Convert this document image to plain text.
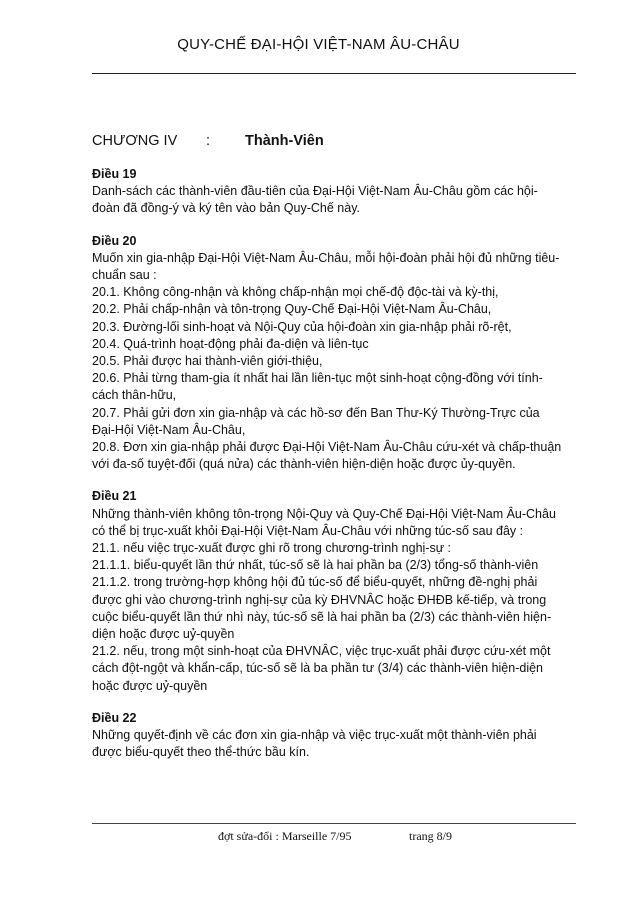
QUY-CHẾ ĐẠI-HỘI VIỆT-NAM ÂU-CHÂU
CHƯƠNG IV : Thành-Viên
Điều 19
Danh-sách các thành-viên đầu-tiên của Đại-Hội Việt-Nam Âu-Châu gồm các hội-
đoàn đã đồng-ý và ký tên vào bản Quy-Chế này.
Điều 20
Muốn xin gia-nhập Đại-Hội Việt-Nam Âu-Châu, mỗi hội-đoàn phải hội đủ những tiêu-
chuẩn sau :
20.1. Không công-nhận và không chấp-nhận mọi chế-độ độc-tài và kỳ-thị,
20.2. Phải chấp-nhận và tôn-trọng Quy-Chế Đại-Hội Việt-Nam Âu-Châu,
20.3. Đường-lối sinh-hoạt và Nội-Quy của hội-đoàn xin gia-nhập phải rõ-rệt,
20.4. Quá-trình hoạt-động phải đa-diện và liên-tục
20.5. Phải được hai thành-viên giới-thiệu,
20.6. Phải từng tham-gia ít nhất hai lần liên-tục một sinh-hoạt cộng-đồng với tính-
cách thân-hữu,
20.7. Phải gửi đơn xin gia-nhập và các hồ-sơ đến Ban Thư-Ký Thường-Trực của
Đại-Hội Việt-Nam Âu-Châu,
20.8. Đơn xin gia-nhập phải được Đại-Hội Việt-Nam Âu-Châu cứu-xét và chấp-thuận
với đa-số tuyệt-đối (quá nửa) các thành-viên hiện-diện hoặc được ủy-quyền.
Điều 21
Những thành-viên không tôn-trọng Nội-Quy và Quy-Chế Đại-Hội Việt-Nam Âu-Châu
có thể bị trục-xuất khỏi Đại-Hội Việt-Nam Âu-Châu với những túc-số sau đây :
21.1. nếu việc trục-xuất được ghi rõ trong chương-trình nghị-sự :
21.1.1. biểu-quyết lần thứ nhất, túc-số sẽ là hai phần ba (2/3) tổng-số thành-viên
21.1.2. trong trường-hợp không hội đủ túc-số để biểu-quyết, những đề-nghị phải
được ghi vào chương-trình nghị-sự của kỳ ĐHVNÂC hoặc ĐHĐB kế-tiếp, và trong
cuộc biểu-quyết lần thứ nhì này, túc-số sẽ là hai phần ba (2/3) các thành-viên hiện-
diện hoặc được uỷ-quyền
21.2. nếu, trong một sinh-hoạt của ĐHVNÂC, việc trục-xuất phải được cứu-xét một
cách đột-ngột và khẩn-cấp, túc-số sẽ là ba phần tư (3/4) các thành-viên hiện-diện
hoặc được uỷ-quyền
Điều 22
Những quyết-định về các đơn xin gia-nhập và việc trục-xuất một thành-viên phải
được biểu-quyết theo thể-thức bầu kín.
đợt sửa-đổi : Marseille 7/95	trang 8/9
